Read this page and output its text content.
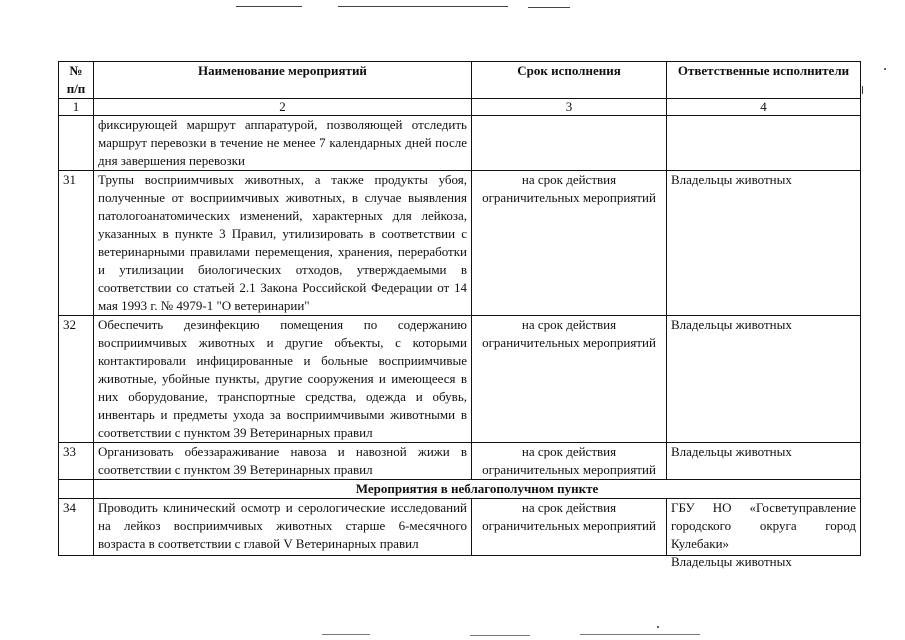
№ п/п	Наименование мероприятий	Срок исполнения	Ответственные исполнители
1	2	3	4
	фиксирующей маршрут аппаратурой, позволяющей отследить маршрут перевозки в течение не менее 7 календарных дней после дня завершения перевозки		
31	Трупы восприимчивых животных, а также продукты убоя, полученные от восприимчивых животных, в случае выявления патологоанатомических изменений, характерных для лейкоза, указанных в пункте 3 Правил, утилизировать в соответствии с ветеринарными правилами перемещения, хранения, переработки и утилизации биологических отходов, утверждаемыми в соответствии со статьей 2.1 Закона Российской Федерации от 14 мая 1993 г. № 4979-1 "О ветеринарии"	на срок действия ограничительных мероприятий	Владельцы животных
32	Обеспечить дезинфекцию помещения по содержанию восприимчивых животных и другие объекты, с которыми контактировали инфицированные и больные восприимчивые животные, убойные пункты, другие сооружения и имеющееся в них оборудование, транспортные средства, одежда и обувь, инвентарь и предметы ухода за восприимчивыми животными в соответствии с пунктом 39 Ветеринарных правил	на срок действия ограничительных мероприятий	Владельцы животных
33	Организовать обеззараживание навоза и навозной жижи в соответствии с пунктом 39 Ветеринарных правил	на срок действия ограничительных мероприятий	Владельцы животных
	Мероприятия в неблагополучном пункте		
34	Проводить клинический осмотр и серологические исследований на лейкоз восприимчивых животных старше 6-месячного возраста в соответствии с главой V Ветеринарных правил	на срок действия ограничительных мероприятий	ГБУ НО «Госветуправление городского округа город Кулебаки»
Владельцы животных
